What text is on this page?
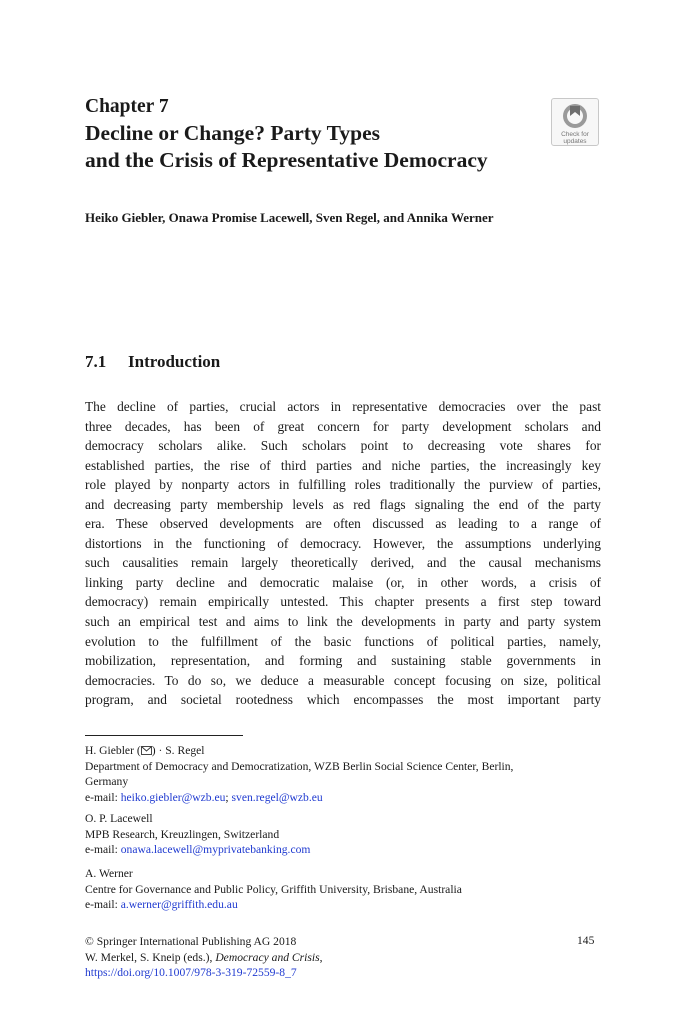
Chapter 7
Decline or Change? Party Types
and the Crisis of Representative Democracy
Check for
updates
Heiko Giebler, Onawa Promise Lacewell, Sven Regel, and Annika Werner
7.1 Introduction
The decline of parties, crucial actors in representative democracies over the past
three decades, has been of great concern for party development scholars and
democracy scholars alike. Such scholars point to decreasing vote shares for
established parties, the rise of third parties and niche parties, the increasingly key
role played by nonparty actors in fulfilling roles traditionally the purview of parties,
and decreasing party membership levels as red flags signaling the end of the party
era. These observed developments are often discussed as leading to a range of
distortions in the functioning of democracy. However, the assumptions underlying
such causalities remain largely theoretically derived, and the causal mechanisms
linking party decline and democratic malaise (or, in other words, a crisis of
democracy) remain empirically untested. This chapter presents a first step toward
such an empirical test and aims to link the developments in party and party system
evolution to the fulfillment of the basic functions of political parties, namely,
mobilization, representation, and forming and sustaining stable governments in
democracies. To do so, we deduce a measurable concept focusing on size, political
program, and societal rootedness which encompasses the most important party
H. Giebler ( ) · S. Regel
Department of Democracy and Democratization, WZB Berlin Social Science Center, Berlin,
Germany
e-mail: heiko.giebler@wzb.eu; sven.regel@wzb.eu
O. P. Lacewell
MPB Research, Kreuzlingen, Switzerland
e-mail: onawa.lacewell@myprivatebanking.com
A. Werner
Centre for Governance and Public Policy, Griffith University, Brisbane, Australia
e-mail: a.werner@griffith.edu.au
© Springer International Publishing AG 2018
W. Merkel, S. Kneip (eds.), Democracy and Crisis,
https://doi.org/10.1007/978-3-319-72559-8_7
145
